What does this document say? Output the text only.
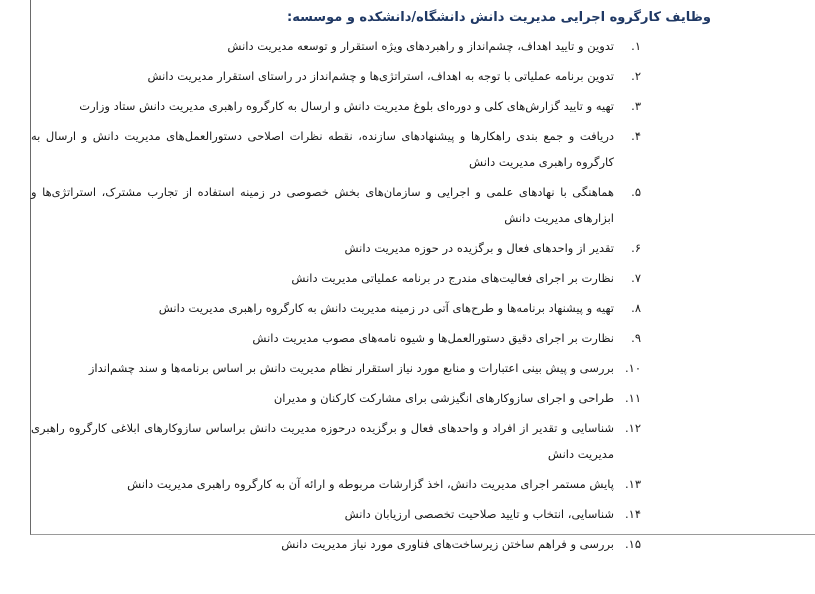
وظایف کارگروه اجرایی مدیریت دانش دانشگاه/دانشکده و موسسه:
۱.
تدوین و تایید اهداف، چشم‌انداز و راهبردهای ویژه استقرار و توسعه مدیریت دانش
۲.
تدوین برنامه عملیاتی با توجه به اهداف، استراتژی‌ها و چشم‌انداز در راستای استقرار مدیریت دانش
۳.
تهیه و تایید گزارش‌های کلی و دوره‌ای بلوغ مدیریت دانش و ارسال به کارگروه راهبری مدیریت دانش ستاد وزارت
۴.
دریافت و جمع بندی راهکارها و پیشنهادهای سازنده، نقطه نظرات اصلاحی دستورالعمل‌های مدیریت دانش و ارسال به کارگروه راهبری مدیریت دانش
۵.
هماهنگی با نهادهای علمی و اجرایی و سازمان‌های بخش خصوصی در زمینه استفاده از تجارب مشترک، استراتژی‌ها و ابزارهای مدیریت دانش
۶.
تقدیر از واحدهای فعال و برگزیده در حوزه مدیریت دانش
۷.
نظارت بر اجرای فعالیت‌های مندرج در برنامه عملیاتی مدیریت دانش
۸.
تهیه و پیشنهاد برنامه‌ها و طرح‌های آتی در زمینه مدیریت دانش به کارگروه راهبری مدیریت دانش
۹.
نظارت بر اجرای دقیق دستورالعمل‌ها و شیوه نامه‌های مصوب مدیریت دانش
۱۰.
بررسی و پیش بینی اعتبارات و منابع مورد نیاز استقرار نظام مدیریت دانش بر اساس برنامه‌ها و سند چشم‌انداز
۱۱.
طراحی و اجرای سازوکارهای انگیزشی برای مشارکت کارکنان و مدیران
۱۲.
شناسایی و تقدیر از افراد و واحدهای فعال و برگزیده درحوزه مدیریت دانش براساس سازوکارهای ابلاغی کارگروه راهبری مدیریت دانش
۱۳.
پایش مستمر اجرای مدیریت دانش، اخذ گزارشات مربوطه و ارائه آن به کارگروه راهبری مدیریت دانش
۱۴.
شناسایی، انتخاب و تایید صلاحیت تخصصی ارزیابان دانش
۱۵.
بررسی و فراهم ساختن زیرساخت‌های فناوری مورد نیاز مدیریت دانش
